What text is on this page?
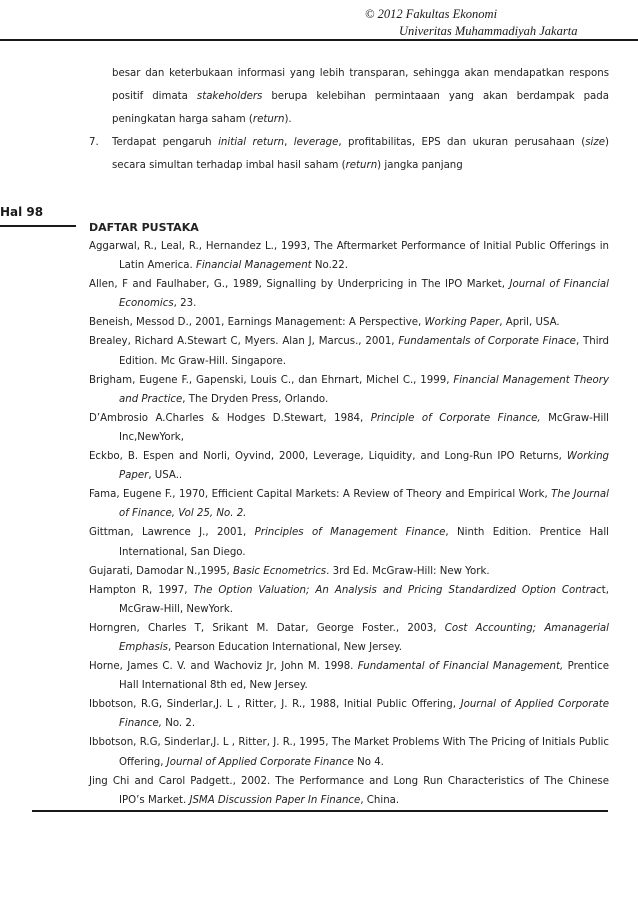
© 2012 Fakultas Ekonomi
Univeritas Muhammadiyah Jakarta
besar dan keterbukaan informasi yang lebih transparan, sehingga akan mendapatkan respons positif dimata stakeholders berupa kelebihan permintaaan yang akan berdampak pada peningkatan harga saham (return).
7. Terdapat pengaruh initial return, leverage, profitabilitas, EPS dan ukuran perusahaan (size) secara simultan terhadap imbal hasil saham (return) jangka panjang
Hal 98
DAFTAR PUSTAKA

Aggarwal, R., Leal, R., Hernandez L., 1993, The Aftermarket Performance of Initial Public Offerings in Latin America. Financial Management No.22.

Allen, F and Faulhaber, G., 1989, Signalling by Underpricing in The IPO Market, Journal of Financial Economics, 23.

Beneish, Messod D., 2001, Earnings Management: A Perspective, Working Paper, April, USA.

Brealey, Richard A.Stewart C, Myers. Alan J, Marcus., 2001, Fundamentals of Corporate Finace, Third Edition. Mc Graw-Hill. Singapore.

Brigham, Eugene F., Gapenski, Louis C., dan Ehrnart, Michel C., 1999, Financial Management Theory and Practice, The Dryden Press, Orlando.

D’Ambrosio A.Charles & Hodges D.Stewart, 1984, Principle of Corporate Finance, McGraw-Hill Inc,NewYork,

Eckbo, B. Espen and Norli, Oyvind, 2000, Leverage, Liquidity, and Long-Run IPO Returns, Working Paper, USA..

Fama, Eugene F., 1970, Efficient Capital Markets: A Review of Theory and Empirical Work, The Journal of Finance, Vol 25, No. 2.

Gittman, Lawrence J., 2001, Principles of Management Finance, Ninth Edition. Prentice Hall International, San Diego.

Gujarati, Damodar N.,1995, Basic Ecnometrics. 3rd Ed. McGraw-Hill: New York.

Hampton R, 1997, The Option Valuation; An Analysis and Pricing Standardized Option Contract, McGraw-Hill, NewYork.

Horngren, Charles T, Srikant M. Datar, George Foster., 2003, Cost Accounting; Amanagerial Emphasis, Pearson Education International, New Jersey.

Horne, James C. V. and Wachoviz Jr, John M. 1998. Fundamental of Financial Management, Prentice Hall International 8th ed, New Jersey.

Ibbotson, R.G, Sinderlar,J. L , Ritter, J. R., 1988, Initial Public Offering, Journal of Applied Corporate Finance, No. 2.

Ibbotson, R.G, Sinderlar,J. L , Ritter, J. R., 1995, The Market Problems With The Pricing of Initials Public Offering, Journal of Applied Corporate Finance No 4.

Jing Chi and Carol Padgett., 2002. The Performance and Long Run Characteristics of The Chinese IPO’s Market. JSMA Discussion Paper In Finance, China.
